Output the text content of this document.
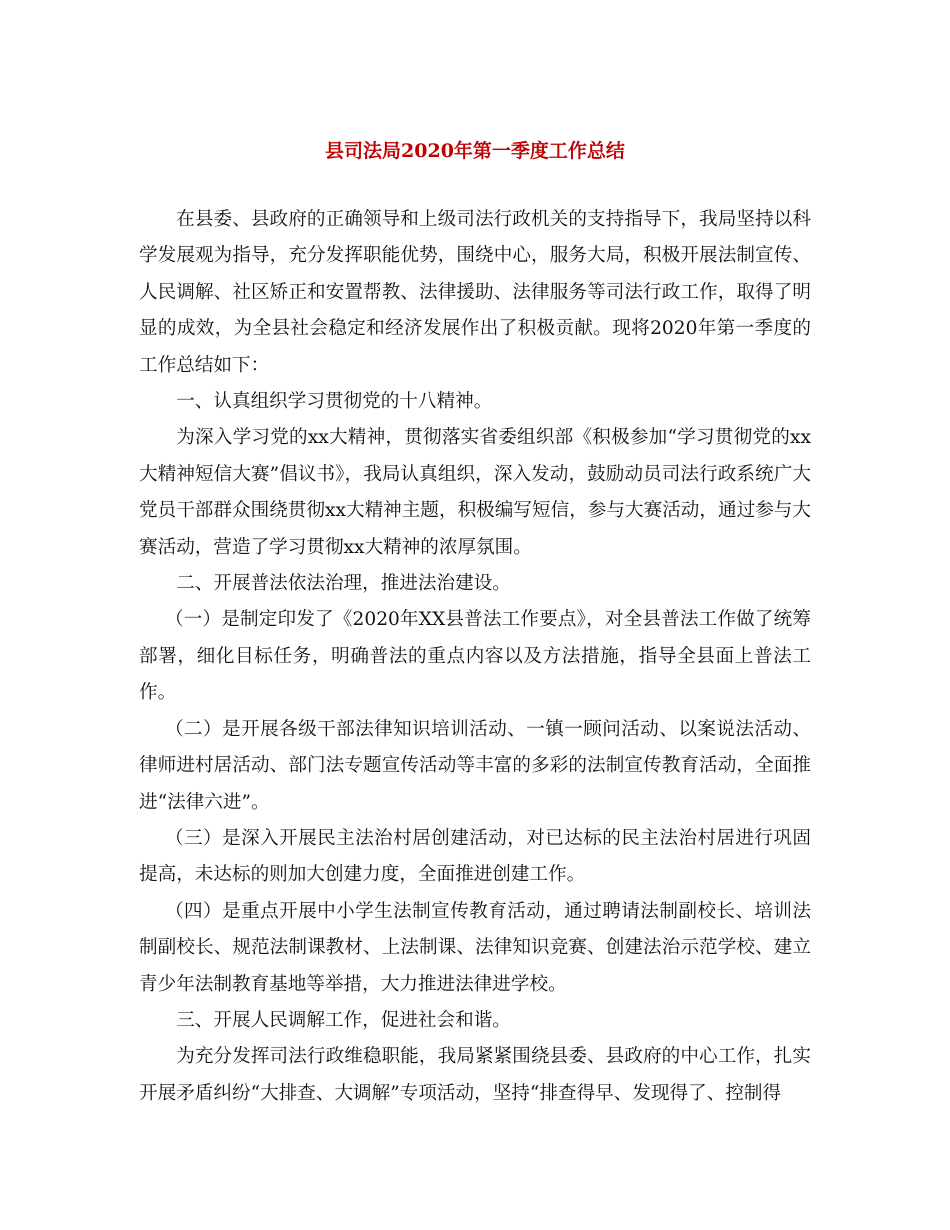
县司法局2020年第一季度工作总结

在县委、县政府的正确领导和上级司法行政机关的支持指导下，我局坚持以科学发展观为指导，充分发挥职能优势，围绕中心，服务大局，积极开展法制宣传、人民调解、社区矫正和安置帮教、法律援助、法律服务等司法行政工作，取得了明显的成效，为全县社会稳定和经济发展作出了积极贡献。现将2020年第一季度的工作总结如下：

一、认真组织学习贯彻党的十八精神。

为深入学习党的xx大精神，贯彻落实省委组织部《积极参加“学习贯彻党的xx大精神短信大赛”倡议书》，我局认真组织，深入发动，鼓励动员司法行政系统广大党员干部群众围绕贯彻xx大精神主题，积极编写短信，参与大赛活动，通过参与大赛活动，营造了学习贯彻xx大精神的浓厚氛围。

二、开展普法依法治理，推进法治建设。

（一）是制定印发了《2020年XX县普法工作要点》，对全县普法工作做了统筹部署，细化目标任务，明确普法的重点内容以及方法措施，指导全县面上普法工作。

（二）是开展各级干部法律知识培训活动、一镇一顾问活动、以案说法活动、律师进村居活动、部门法专题宣传活动等丰富的多彩的法制宣传教育活动，全面推进“法律六进”。

（三）是深入开展民主法治村居创建活动，对已达标的民主法治村居进行巩固提高，未达标的则加大创建力度，全面推进创建工作。

（四）是重点开展中小学生法制宣传教育活动，通过聘请法制副校长、培训法制副校长、规范法制课教材、上法制课、法律知识竞赛、创建法治示范学校、建立青少年法制教育基地等举措，大力推进法律进学校。

三、开展人民调解工作，促进社会和谐。

为充分发挥司法行政维稳职能，我局紧紧围绕县委、县政府的中心工作，扎实开展矛盾纠纷“大排查、大调解”专项活动，坚持“排查得早、发现得了、控制得
